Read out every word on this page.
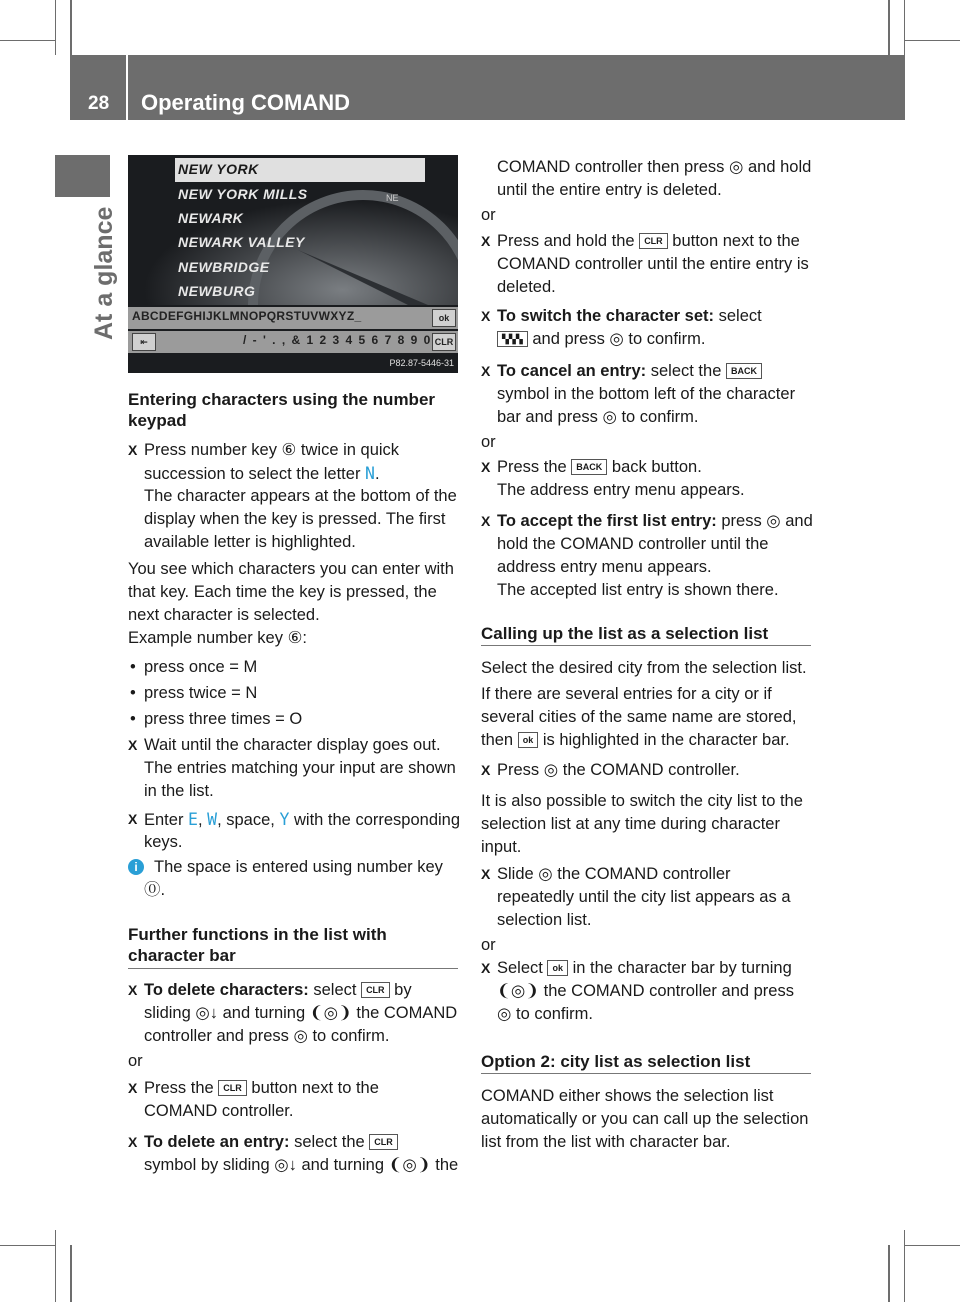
28 Operating COMAND
At a glance
NEW YORK
NEW YORK MILLS
NEWARK
NEWARK VALLEY
NEWBRIDGE
NEWBURG
NE
ABCDEFGHIJKLMNOPQRSTUVWXYZ_	ok
⇤	/ - ' . , & 1 2 3 4 5 6 7 8 9 0 CLR
P82.87-5446-31
Entering characters using the number
keypad
X Press number key ⑥ twice in quick
succession to select the letter N.
The character appears at the bottom of the
display when the key is pressed. The first
available letter is highlighted.
You see which characters you can enter with
that key. Each time the key is pressed, the
next character is selected.
Example number key ⑥:
• press once = M
• press twice = N
• press three times = O
X Wait until the character display goes out.
The entries matching your input are shown
in the list.
X Enter E, W, space, Y with the corresponding
keys.
i The space is entered using number key
⓪.
Further functions in the list with
character bar
X To delete characters: select CLR by
sliding ◎↓ and turning ❨◎❩ the COMAND
controller and press ◎ to confirm.
or
X Press the CLR button next to the
COMAND controller.
X To delete an entry: select the CLR
symbol by sliding ◎↓ and turning ❨◎❩ the
COMAND controller then press ◎ and hold
until the entire entry is deleted.
or
X Press and hold the CLR button next to the
COMAND controller until the entire entry is
deleted.
X To switch the character set: select
▚▚▚ and press ◎ to confirm.
X To cancel an entry: select the BACK
symbol in the bottom left of the character
bar and press ◎ to confirm.
or
X Press the BACK back button.
The address entry menu appears.
X To accept the first list entry: press ◎ and
hold the COMAND controller until the
address entry menu appears.
The accepted list entry is shown there.
Calling up the list as a selection list
Select the desired city from the selection list.
If there are several entries for a city or if
several cities of the same name are stored,
then ok is highlighted in the character bar.
X Press ◎ the COMAND controller.
It is also possible to switch the city list to the
selection list at any time during character
input.
X Slide ◎ the COMAND controller
repeatedly until the city list appears as a
selection list.
or
X Select ok in the character bar by turning
❨◎❩ the COMAND controller and press
◎ to confirm.
Option 2: city list as selection list
COMAND either shows the selection list
automatically or you can call up the selection
list from the list with character bar.
